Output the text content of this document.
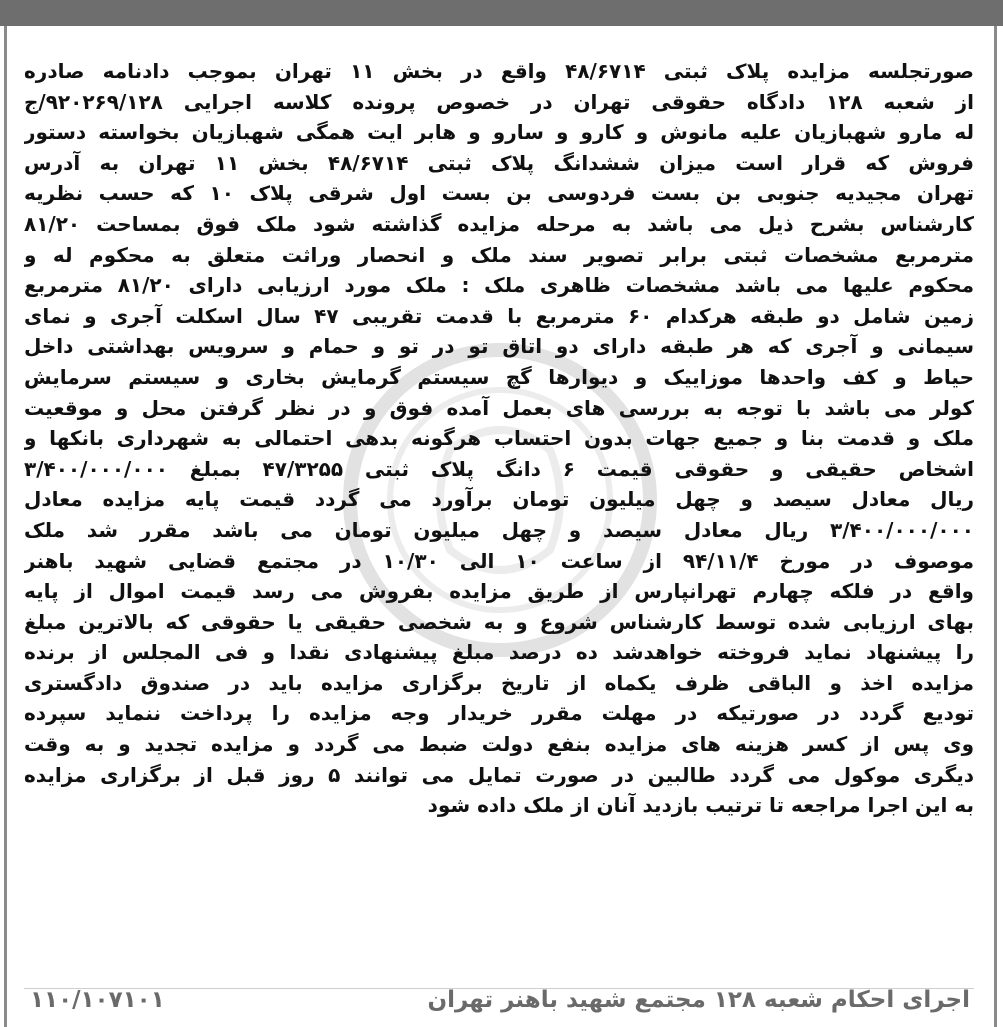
صورتجلسه مزایده پلاک ثبتی ۴۸/۶۷۱۴ واقع در بخش ۱۱ تهران بموجب دادنامه صادره
از شعبه ۱۲۸ دادگاه حقوقی تهران در خصوص پرونده کلاسه اجرایی ۹۲۰۲۶۹/۱۲۸/ج
له مارو شهبازیان علیه مانوش و کارو و سارو و هابر ایت همگی شهبازیان بخواسته دستور
فروش که قرار است میزان ششدانگ پلاک ثبتی ۴۸/۶۷۱۴ بخش ۱۱ تهران به آدرس
تهران مجیدیه جنوبی بن بست فردوسی بن بست اول شرقی پلاک ۱۰ که حسب نظریه
کارشناس بشرح ذیل می باشد به مرحله مزایده گذاشته شود ملک فوق بمساحت ۸۱/۲۰
مترمربع مشخصات ثبتی برابر تصویر سند ملک و انحصار وراثت متعلق به محکوم له و
محکوم علیها می باشد مشخصات ظاهری ملک : ملک مورد ارزیابی دارای ۸۱/۲۰ مترمربع
زمین شامل دو طبقه هرکدام ۶۰ مترمربع با قدمت تقریبی ۴۷ سال اسکلت آجری و نمای
سیمانی و آجری که هر طبقه دارای دو اتاق تو در تو و حمام و سرویس بهداشتی داخل
حیاط و کف واحدها موزاییک و دیوارها گچ سیستم گرمایش بخاری و سیستم سرمایش
کولر می باشد با توجه به بررسی های بعمل آمده فوق و در نظر گرفتن محل و موقعیت
ملک و قدمت بنا و جمیع جهات بدون احتساب هرگونه بدهی احتمالی به شهرداری بانکها و
اشخاص حقیقی و حقوقی قیمت ۶ دانگ پلاک ثبتی ۴۷/۳۲۵۵ بمبلغ ۳/۴۰۰/۰۰۰/۰۰۰
ریال معادل سیصد و چهل میلیون تومان برآورد می گردد قیمت پایه مزایده معادل
۳/۴۰۰/۰۰۰/۰۰۰ ریال معادل سیصد و چهل میلیون تومان می باشد مقرر شد ملک
موصوف در مورخ ۹۴/۱۱/۴ از ساعت ۱۰ الی ۱۰/۳۰ در مجتمع قضایی شهید باهنر
واقع در فلکه چهارم تهرانپارس از طریق مزایده بفروش می رسد قیمت اموال از پایه
بهای ارزیابی شده توسط کارشناس شروع و به شخصی حقیقی یا حقوقی که بالاترین مبلغ
را پیشنهاد نماید فروخته خواهدشد ده درصد مبلغ پیشنهادی نقدا و فی المجلس از برنده
مزایده اخذ و الباقی ظرف یکماه از تاریخ برگزاری مزایده باید در صندوق دادگستری
تودیع گردد در صورتیکه در مهلت مقرر خریدار وجه مزایده را پرداخت ننماید سپرده
وی پس از کسر هزینه های مزایده بنفع دولت ضبط می گردد و مزایده تجدید و به وقت
دیگری موکول می گردد طالبین در صورت تمایل می توانند ۵ روز قبل از برگزاری مزایده
به این اجرا مراجعه تا ترتیب بازدید آنان از ملک داده شود
اجرای احکام شعبه ۱۲۸ مجتمع شهید باهنر تهران
۱۱۰/۱۰۷۱۰۱
